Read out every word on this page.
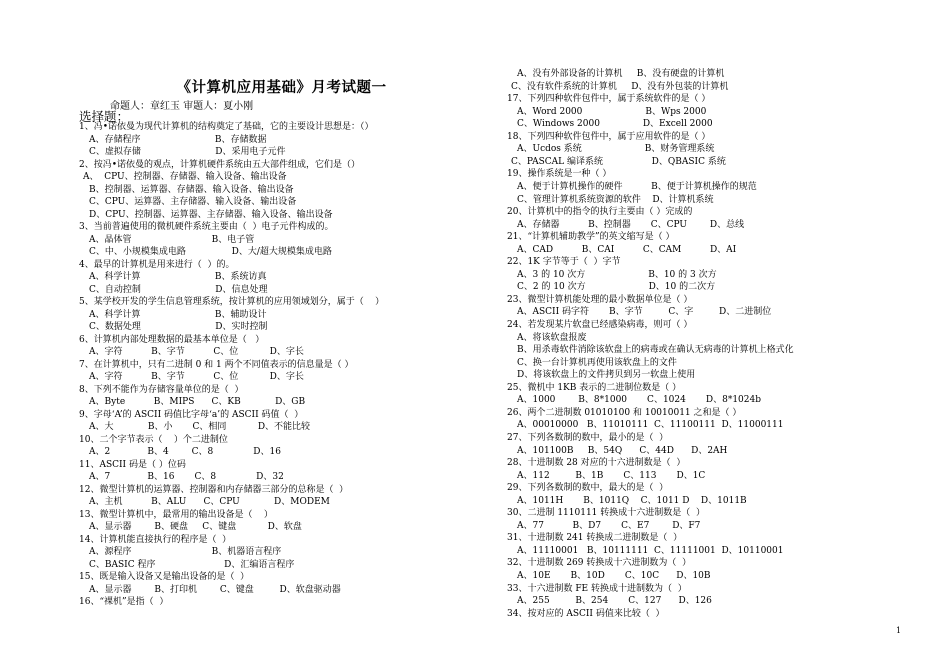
《计算机应用基础》月考试题一
命题人：章红玉 审题人：夏小刚
选择题：
1、冯•诺依曼为现代计算机的结构奠定了基础，它的主要设计思想是：（）
A、存储程序                          B、存储数据
C、虚拟存储                          D、采用电子元件
2、按冯•诺依曼的观点，计算机硬件系统由五大部件组成，它们是（）
A、  CPU、控制器、存储器、输入设备、输出设备
B、控制器、运算器、存储器、输入设备、输出设备
C、CPU、运算器、主存储器、输入设备、输出设备
D、CPU、控制器、运算器、主存储器、输入设备、输出设备
3、当前普遍使用的微机硬件系统主要由（  ）电子元件构成的。
A、晶体管                            B、电子管
C、中、小规模集成电路                D、大/超大规模集成电路
4、最早的计算机是用来进行（  ）的。
A、科学计算                          B、系统访真
C、自动控制                          D、信息处理
5、某学校开发的学生信息管理系统，按计算机的应用领域划分，属于（    ）
A、科学计算                          B、辅助设计
C、数据处理                          D、实时控制
6、计算机内部处理数据的最基本单位是（   ）
A、字符          B、字节          C、位           D、字长
7、在计算机中，只有二进制 0 和 1 两个不同值表示的信息量是（ ）
A、字符          B、字节          C、位           D、字长
8、下列不能作为存储容量单位的是（  ）
A、Byte          B、MIPS      C、KB            D、GB
9、字母‘A’的 ASCII 码值比字母‘a’的 ASCII 码值（  ）
A、大            B、小       C、相同           D、不能比较
10、二个字节表示（    ）个二进制位
A、2             B、4        C、8              D、16
11、ASCII 码是（ ）位码
A、7             B、16       C、8              D、32
12、微型计算机的运算器、控制器和内存储器三部分的总称是（  ）
A、主机          B、ALU      C、CPU            D、MODEM
13、微型计算机中，最常用的输出设备是（    ）
A、显示器        B、硬盘     C、键盘           D、软盘
14、计算机能直接执行的程序是（  ）
A、源程序                            B、机器语言程序
C、BASIC 程序                        D、汇编语言程序
15、既是输入设备又是输出设备的是（  ）
A、显示器        B、打印机        C、键盘         D、软盘驱动器
16、“裸机”是指（  ）
A、没有外部设备的计算机     B、没有硬盘的计算机
C、没有软件系统的计算机     D、没有外包装的计算机
17、下列四种软件包件中，属于系统软件的是（ ）
A、Word 2000                      B、Wps 2000
C、Windows 2000               D、Excell 2000
18、下列四种软件包件中，属于应用软件的是（ ）
A、Ucdos 系统                      B、财务管理系统
C、PASCAL 编译系统                 D、QBASIC 系统
19、操作系统是一种（ ）
A、便于计算机操作的硬件          B、便于计算机操作的规范
C、管理计算机系统资源的软件    D、计算机系统
20、计算机中的指令的执行主要由（ ）完成的
A、存储器          B、控制器       C、CPU        D、总线
21、“计算机辅助教学”的英文缩写是（ ）
A、CAD          B、CAI          C、CAM          D、AI
22、1K 字节等于（  ）字节
A、3 的 10 次方                      B、10 的 3 次方
C、2 的 10 次方                      D、10 的二次方
23、微型计算机能处理的最小数据单位是（ ）
A、ASCII 码字符       B、字节         C、字         D、二进制位
24、若发现某片软盘已经感染病毒，则可（ ）
A、将该软盘报废
B、用杀毒软件消除该软盘上的病毒或在确认无病毒的计算机上格式化
C、换一台计算机再使用该软盘上的文件
D、将该软盘上的文件拷贝到另一软盘上使用
25、微机中 1KB 表示的二进制位数是（ ）
A、1000        B、8*1000       C、1024       D、8*1024b
26、两个二进制数 01010100 和 10010011 之和是（ ）
A、00010000   B、11010111  C、11100111  D、11000111
27、下列各数制的数中，最小的是（  ）
A、101100B     B、54Q      C、44D      D、2AH
28、十进制数 28 对应的十六进制数是（  ）
A、112         B、1B       C、113       D、1C
29、下列各数制的数中，最大的是（  ）
A、1011H       B、1011Q    C、1011 D    D、1011B
30、二进制 1110111 转换成十六进制数是（  ）
A、77          B、D7       C、E7        D、F7
31、十进制数 241 转换成二进制数是（  ）
A、11110001   B、10111111  C、11111001  D、10110001
32、十进制数 269 转换成十六进制数为（  ）
A、10E       B、10D       C、10C      D、10B
33、十六进制数 FE 转换成十进制数为（  ）
A、255         B、254       C、127      D、126
34、按对应的 ASCII 码值来比较（  ）
1
